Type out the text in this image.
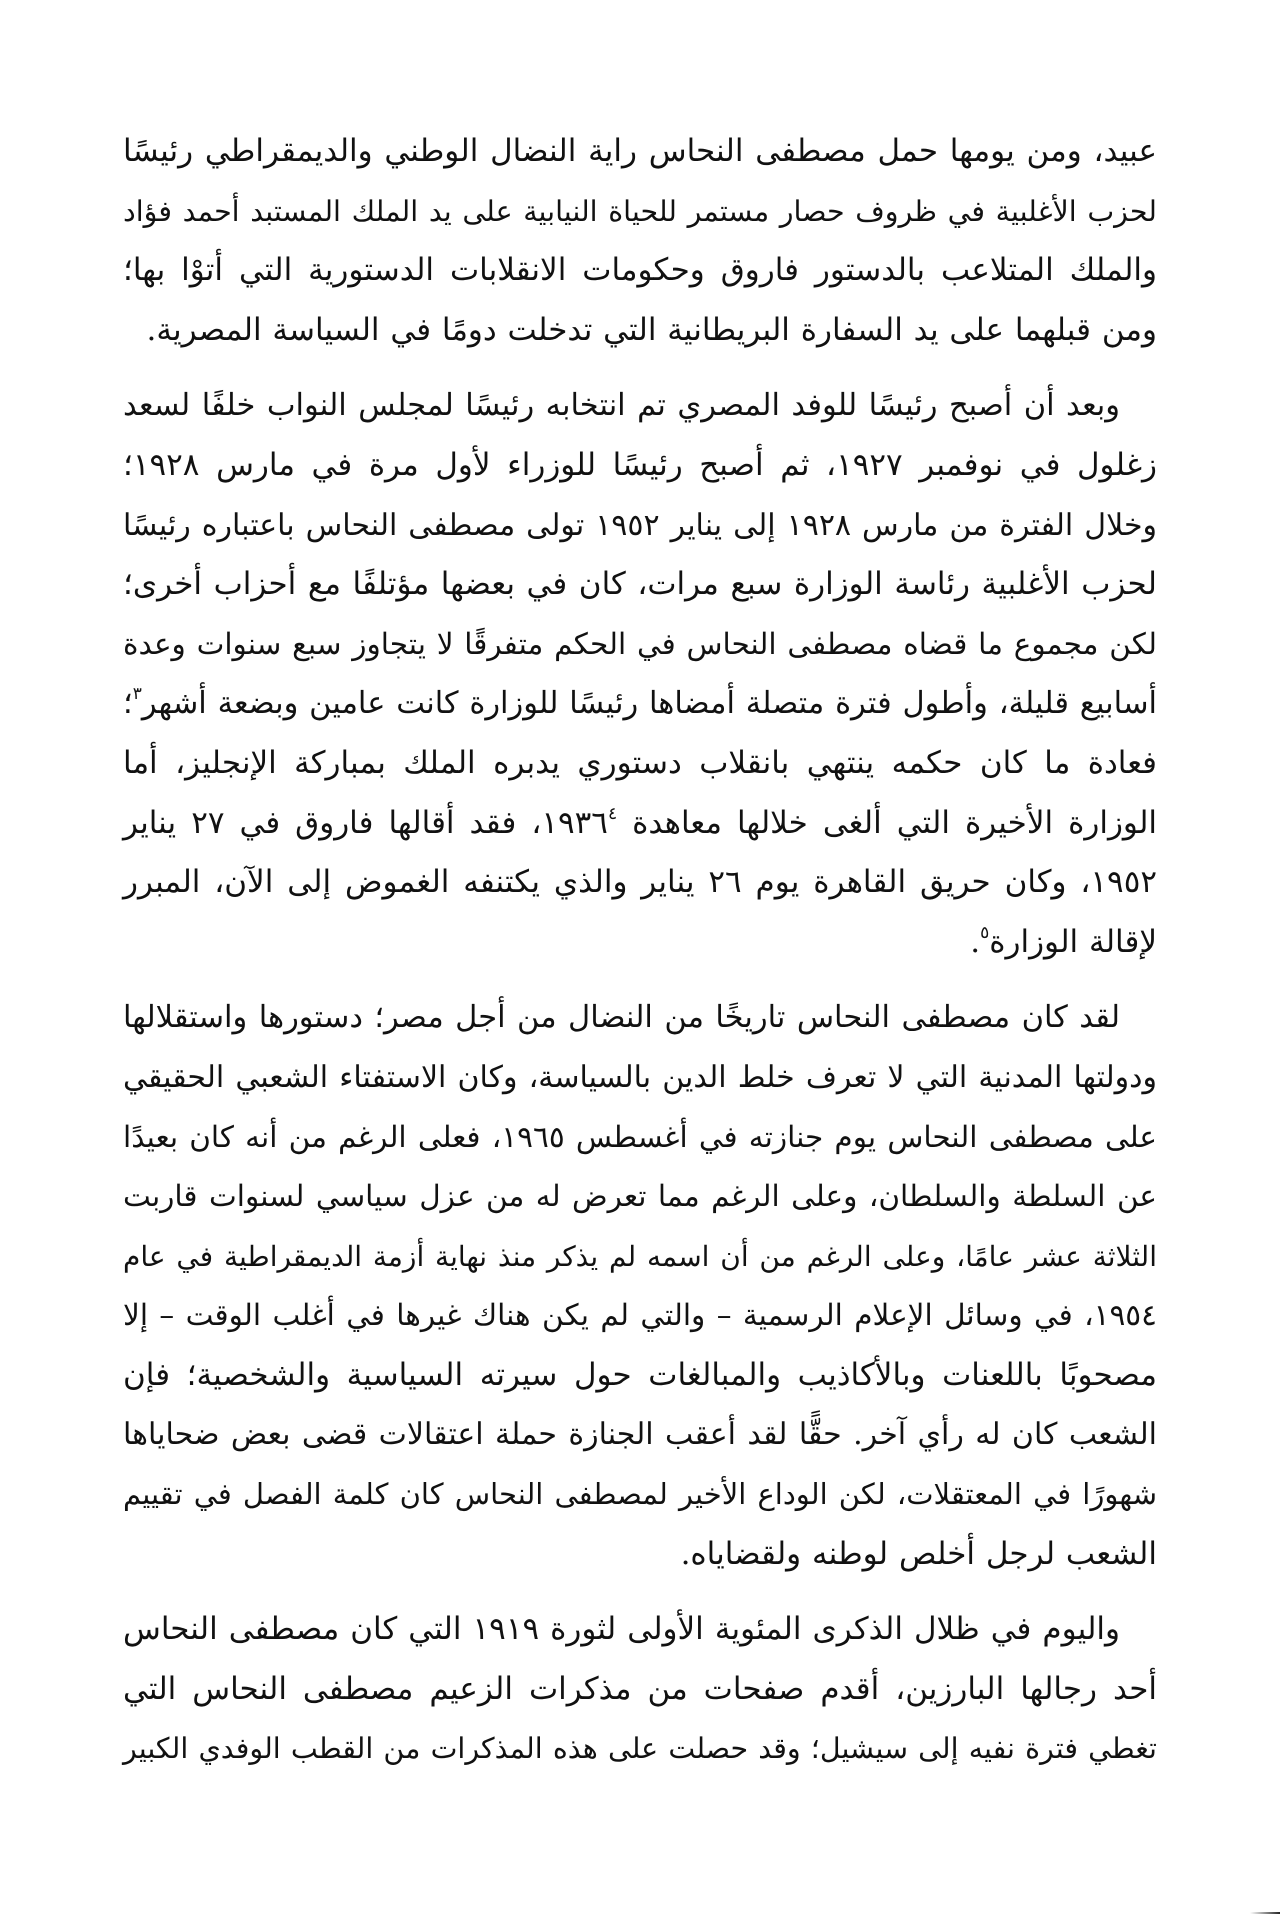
عبيد، ومن يومها حمل مصطفى النحاس راية النضال الوطني والديمقراطي رئيسًا
لحزب الأغلبية في ظروف حصار مستمر للحياة النيابية على يد الملك المستبد أحمد فؤاد
والملك المتلاعب بالدستور فاروق وحكومات الانقلابات الدستورية التي أتوْا بها؛
ومن قبلهما على يد السفارة البريطانية التي تدخلت دومًا في السياسة المصرية.

وبعد أن أصبح رئيسًا للوفد المصري تم انتخابه رئيسًا لمجلس النواب خلفًا لسعد
زغلول في نوفمبر ١٩٢٧، ثم أصبح رئيسًا للوزراء لأول مرة في مارس ١٩٢٨؛
وخلال الفترة من مارس ١٩٢٨ إلى يناير ١٩٥٢ تولى مصطفى النحاس باعتباره رئيسًا
لحزب الأغلبية رئاسة الوزارة سبع مرات، كان في بعضها مؤتلفًا مع أحزاب أخرى؛
لكن مجموع ما قضاه مصطفى النحاس في الحكم متفرقًا لا يتجاوز سبع سنوات وعدة
أسابيع قليلة، وأطول فترة متصلة أمضاها رئيسًا للوزارة كانت عامين وبضعة أشهر$^٣$؛
فعادة ما كان حكمه ينتهي بانقلاب دستوري يدبره الملك بمباركة الإنجليز، أما
الوزارة الأخيرة التي ألغى خلالها معاهدة ١٩٣٦$^٤$، فقد أقالها فاروق في ٢٧ يناير
١٩٥٢، وكان حريق القاهرة يوم ٢٦ يناير والذي يكتنفه الغموض إلى الآن، المبرر
لإقالة الوزارة$^٥$.

لقد كان مصطفى النحاس تاريخًا من النضال من أجل مصر؛ دستورها واستقلالها
ودولتها المدنية التي لا تعرف خلط الدين بالسياسة، وكان الاستفتاء الشعبي الحقيقي
على مصطفى النحاس يوم جنازته في أغسطس ١٩٦٥، فعلى الرغم من أنه كان بعيدًا
عن السلطة والسلطان، وعلى الرغم مما تعرض له من عزل سياسي لسنوات قاربت
الثلاثة عشر عامًا، وعلى الرغم من أن اسمه لم يذكر منذ نهاية أزمة الديمقراطية في عام
١٩٥٤، في وسائل الإعلام الرسمية – والتي لم يكن هناك غيرها في أغلب الوقت – إلا
مصحوبًا باللعنات وبالأكاذيب والمبالغات حول سيرته السياسية والشخصية؛ فإن
الشعب كان له رأي آخر. حقًّا لقد أعقب الجنازة حملة اعتقالات قضى بعض ضحاياها
شهورًا في المعتقلات، لكن الوداع الأخير لمصطفى النحاس كان كلمة الفصل في تقييم
الشعب لرجل أخلص لوطنه ولقضاياه.

واليوم في ظلال الذكرى المئوية الأولى لثورة ١٩١٩ التي كان مصطفى النحاس
أحد رجالها البارزين، أقدم صفحات من مذكرات الزعيم مصطفى النحاس التي
تغطي فترة نفيه إلى سيشيل؛ وقد حصلت على هذه المذكرات من القطب الوفدي الكبير
